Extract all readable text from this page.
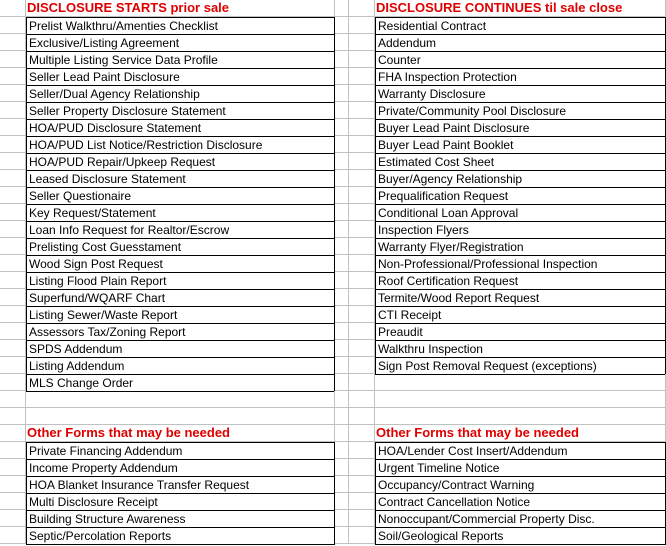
DISCLOSURE STARTS prior sale	DISCLOSURE CONTINUES til sale close
Prelist Walkthru/Amenties Checklist	Residential Contract
Exclusive/Listing Agreement	Addendum
Multiple Listing Service Data Profile	Counter
Seller Lead Paint Disclosure	FHA Inspection Protection
Seller/Dual Agency Relationship	Warranty Disclosure
Seller Property Disclosure Statement	Private/Community Pool Disclosure
HOA/PUD Disclosure Statement	Buyer Lead Paint Disclosure
HOA/PUD List Notice/Restriction Disclosure	Buyer Lead Paint Booklet
HOA/PUD Repair/Upkeep Request	Estimated Cost Sheet
Leased Disclosure Statement	Buyer/Agency Relationship
Seller Questionaire	Prequalification Request
Key Request/Statement	Conditional Loan Approval
Loan Info Request for Realtor/Escrow	Inspection Flyers
Prelisting Cost Guesstament	Warranty Flyer/Registration
Wood Sign Post Request	Non-Professional/Professional Inspection
Listing Flood Plain Report	Roof Certification Request
Superfund/WQARF Chart	Termite/Wood Report Request
Listing Sewer/Waste Report	CTI Receipt
Assessors Tax/Zoning Report	Preaudit
SPDS Addendum	Walkthru Inspection
Listing Addendum	Sign Post Removal Request (exceptions)
MLS Change Order
Other Forms that may be needed	Other Forms that may be needed
Private Financing Addendum	HOA/Lender Cost Insert/Addendum
Income Property Addendum	Urgent Timeline Notice
HOA Blanket Insurance Transfer Request	Occupancy/Contract Warning
Multi Disclosure Receipt	Contract Cancellation Notice
Building Structure Awareness	Nonoccupant/Commercial Property Disc.
Septic/Percolation Reports	Soil/Geological Reports
